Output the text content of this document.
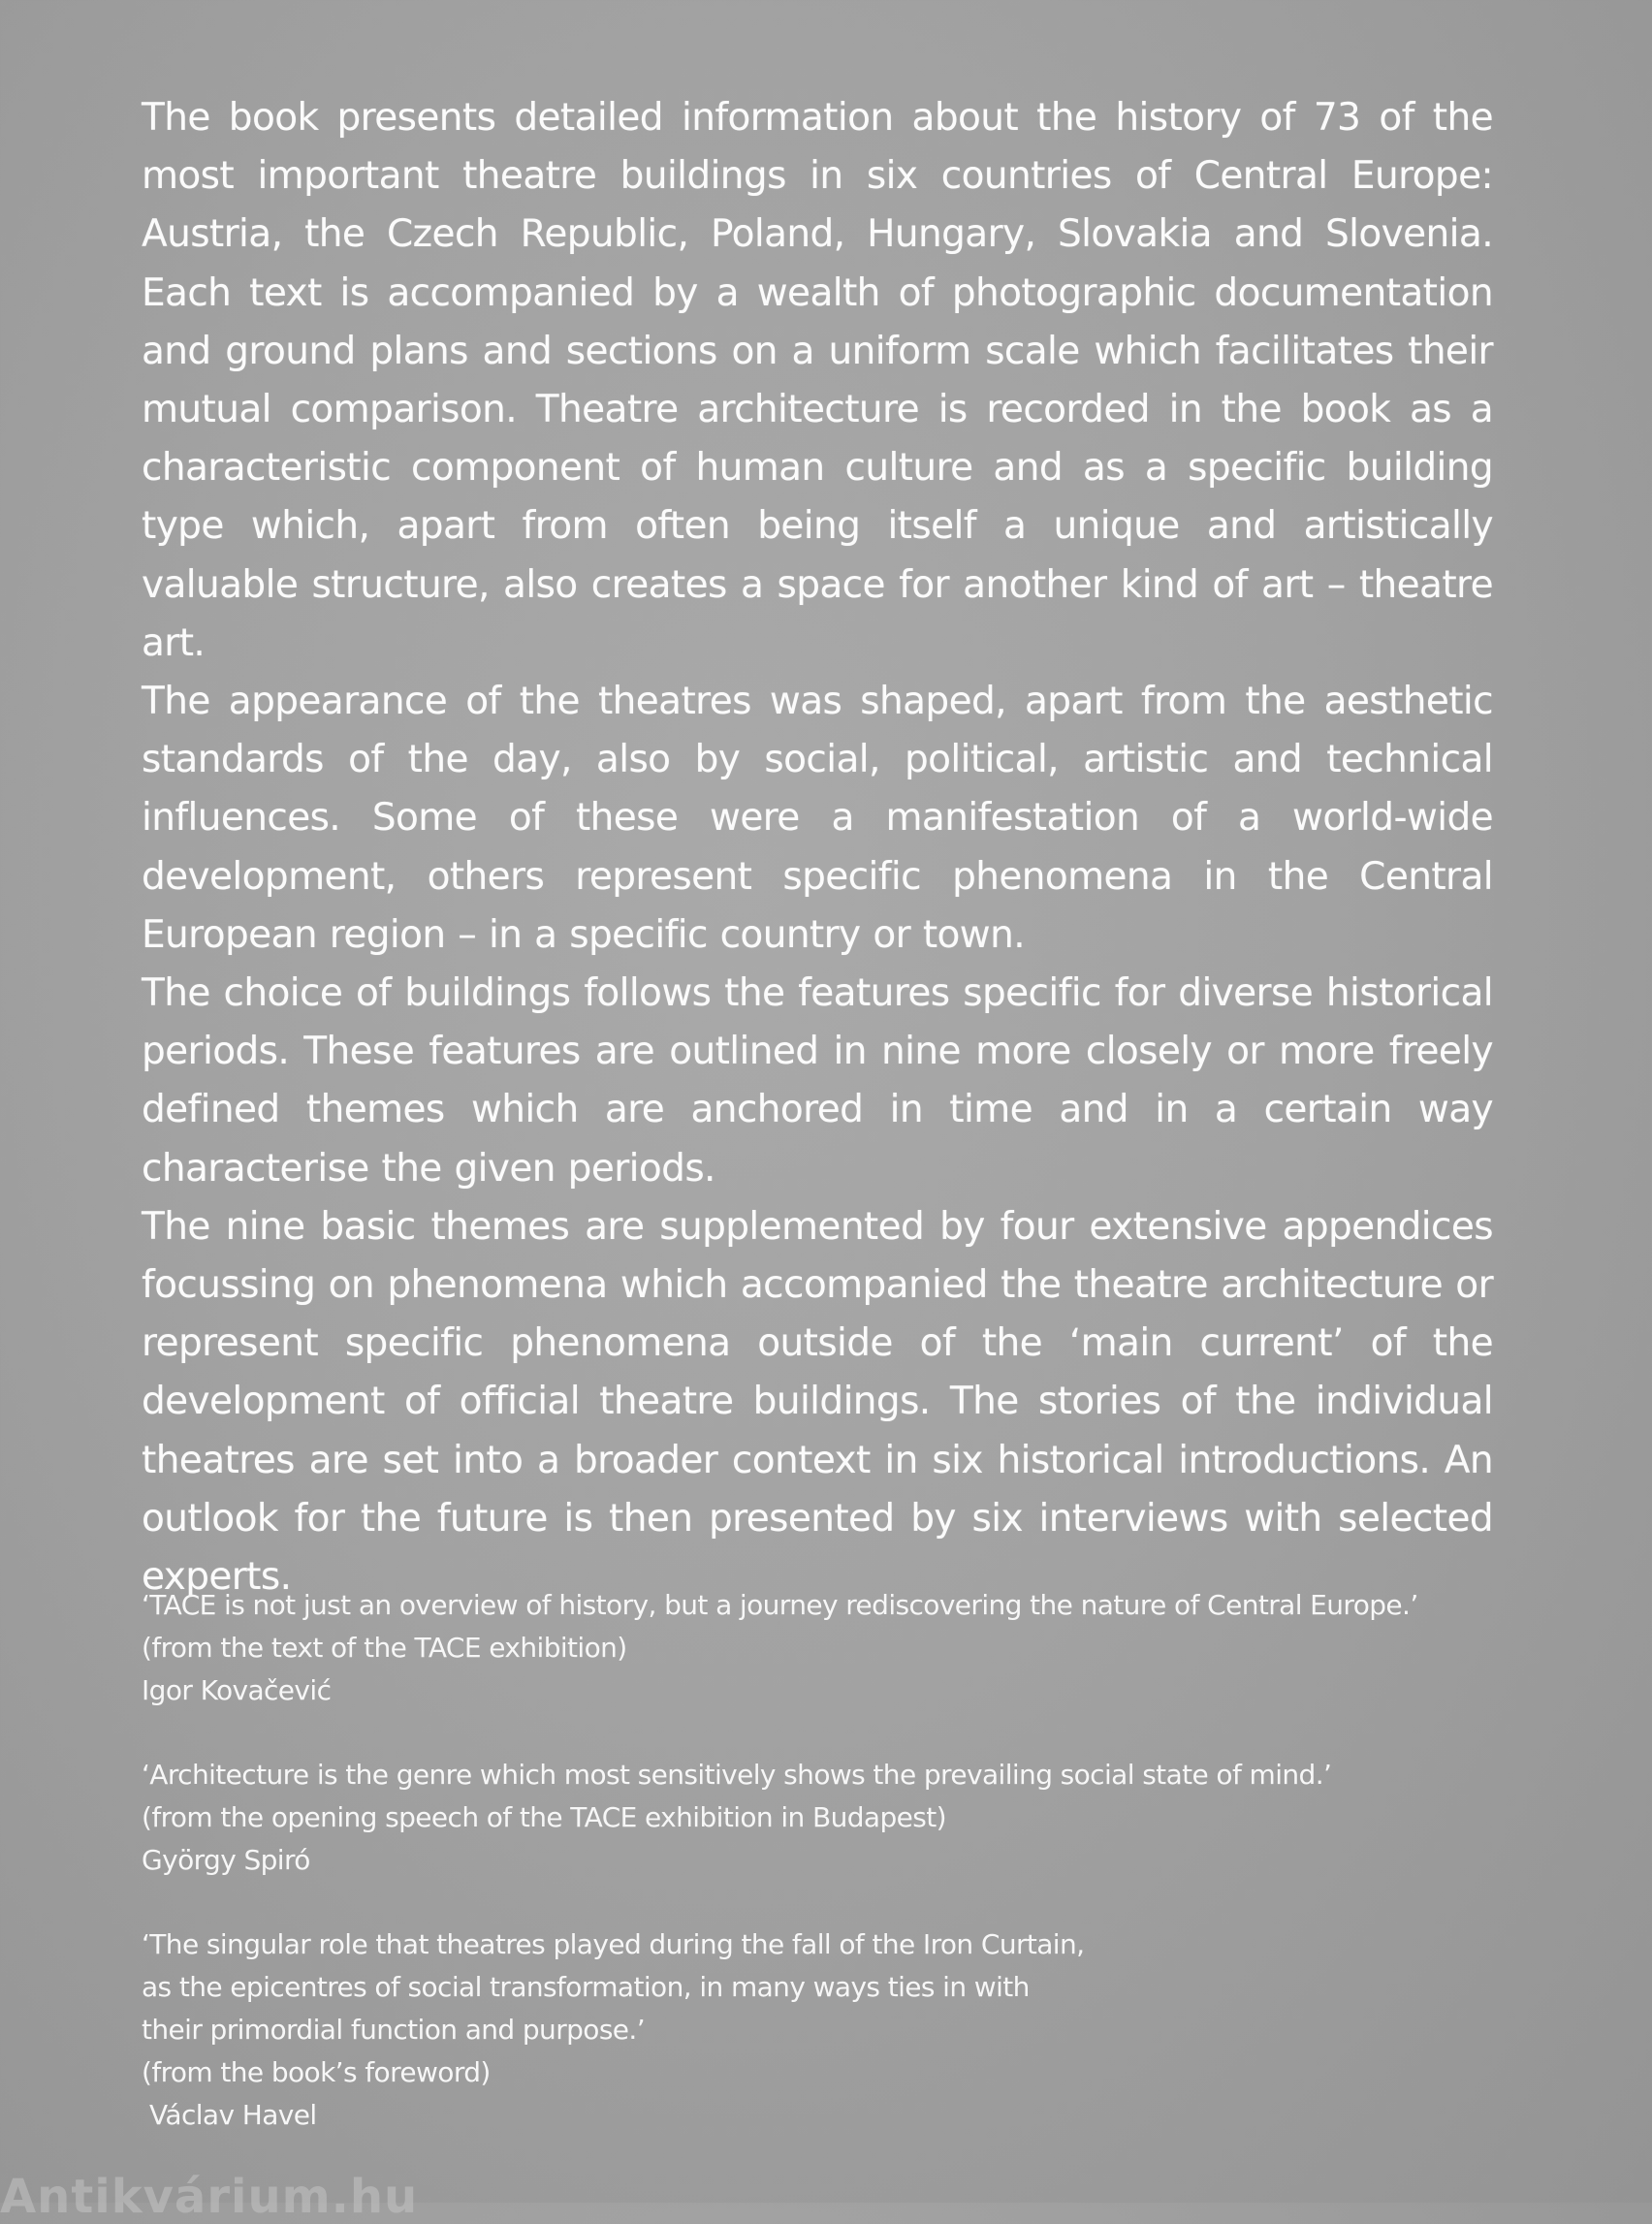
The book presents detailed information about the history of 73 of the most important theatre buildings in six countries of Central Europe: Austria, the Czech Republic, Poland, Hungary, Slovakia and Slovenia. Each text is accompanied by a wealth of photographic documentation and ground plans and sections on a uniform scale which facilitates their mutual comparison. Theatre architecture is recorded in the book as a characteristic component of human culture and as a specific building type which, apart from often being itself a unique and artistically valuable structure, also creates a space for another kind of art – theatre art.

The appearance of the theatres was shaped, apart from the aesthetic standards of the day, also by social, political, artistic and technical influences. Some of these were a manifestation of a world-wide development, others represent specific phenomena in the Central European region – in a specific country or town.

The choice of buildings follows the features specific for diverse historical periods. These features are outlined in nine more closely or more freely defined themes which are anchored in time and in a certain way characterise the given periods.

The nine basic themes are supplemented by four extensive appendices focussing on phenomena which accompanied the theatre architecture or represent specific phenomena outside of the ‘main current’ of the development of official theatre buildings. The stories of the individual theatres are set into a broader context in six historical introductions. An outlook for the future is then presented by six interviews with selected experts.

‘TACE is not just an overview of history, but a journey rediscovering the nature of Central Europe.’
(from the text of the TACE exhibition)
Igor Kovačević
‘Architecture is the genre which most sensitively shows the prevailing social state of mind.’
(from the opening speech of the TACE exhibition in Budapest)
György Spiró
‘The singular role that theatres played during the fall of the Iron Curtain,
as the epicentres of social transformation, in many ways ties in with
their primordial function and purpose.’
(from the book’s foreword)
Václav Havel
Antikvárium.hu
